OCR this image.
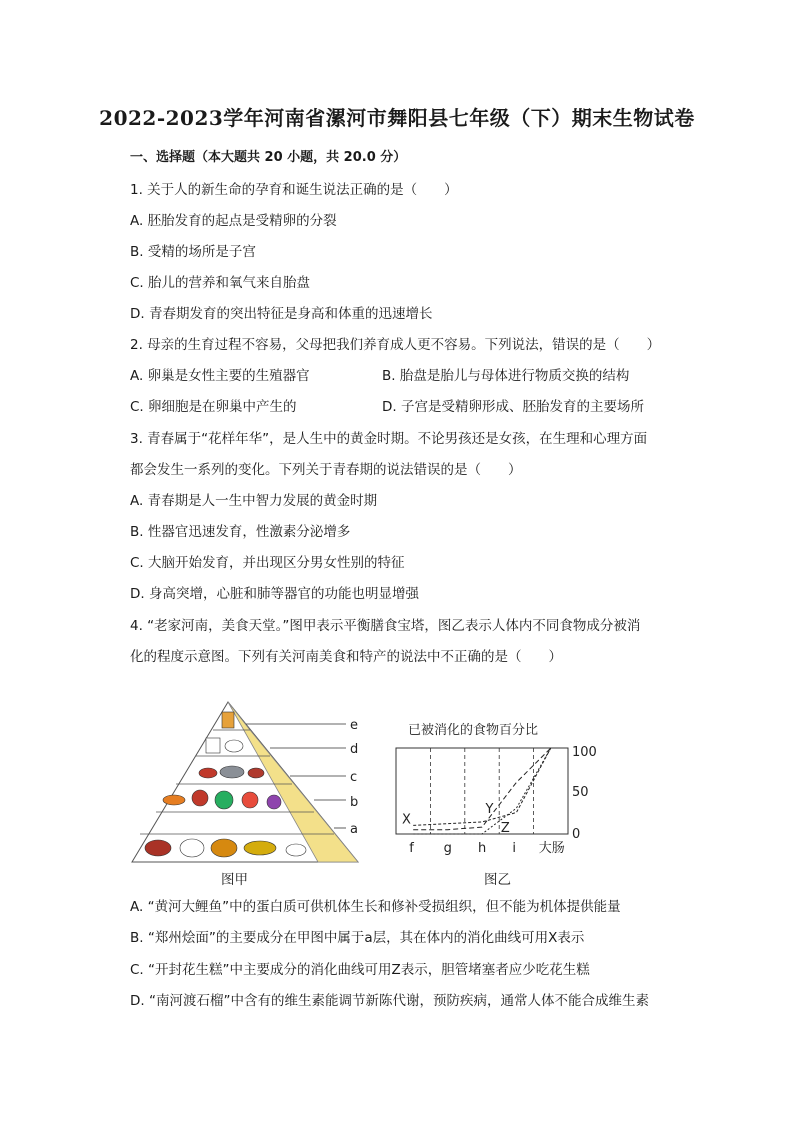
2022-2023学年河南省漯河市舞阳县七年级（下）期末生物试卷
一、选择题（本大题共 20 小题，共 20.0 分）
1. 关于人的新生命的孕育和诞生说法正确的是（　　）
A. 胚胎发育的起点是受精卵的分裂
B. 受精的场所是子宫
C. 胎儿的营养和氧气来自胎盘
D. 青春期发育的突出特征是身高和体重的迅速增长
2. 母亲的生育过程不容易，父母把我们养育成人更不容易。下列说法，错误的是（　　）
A. 卵巢是女性主要的生殖器官	B. 胎盘是胎儿与母体进行物质交换的结构
C. 卵细胞是在卵巢中产生的	D. 子宫是受精卵形成、胚胎发育的主要场所
3. 青春属于“花样年华”，是人生中的黄金时期。不论男孩还是女孩，在生理和心理方面
都会发生一系列的变化。下列关于青春期的说法错误的是（　　）
A. 青春期是人一生中智力发展的黄金时期
B. 性器官迅速发育，性激素分泌增多
C. 大脑开始发育，并出现区分男女性别的特征
D. 身高突增，心脏和肺等器官的功能也明显增强
4. “老家河南，美食天堂。”图甲表示平衡膳食宝塔，图乙表示人体内不同食物成分被消
化的程度示意图。下列有关河南美食和特产的说法中不正确的是（　　）
e
d
c
b
a
已被消化的食物百分比
100
50
0
f g h i 大肠
X
Y
Z
图甲	图乙
A. “黄河大鲤鱼”中的蛋白质可供机体生长和修补受损组织，但不能为机体提供能量
B. “郑州烩面”的主要成分在甲图中属于a层，其在体内的消化曲线可用X表示
C. “开封花生糕”中主要成分的消化曲线可用Z表示，胆管堵塞者应少吃花生糕
D. “南河渡石榴”中含有的维生素能调节新陈代谢，预防疾病，通常人体不能合成维生素
